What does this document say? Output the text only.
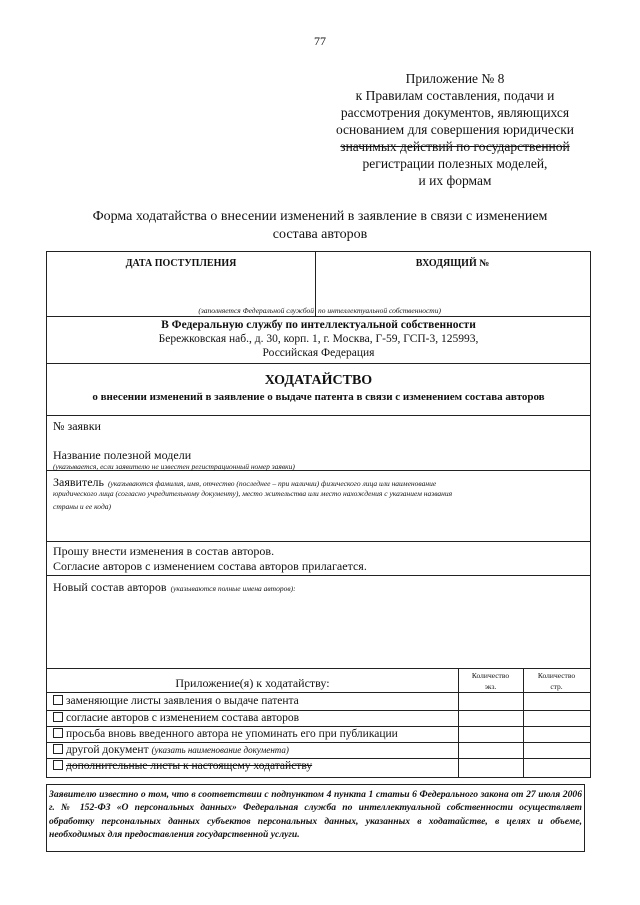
77
Приложение № 8
к Правилам составления, подачи и
рассмотрения документов, являющихся
основанием для совершения юридически
значимых действий по государственной
регистрации полезных моделей,
и их формам
Форма ходатайства о внесении изменений в заявление в связи с изменением
состава авторов
ДАТА ПОСТУПЛЕНИЯ	ВХОДЯЩИЙ №
(заполняется Федеральной службой по интеллектуальной собственности)
В Федеральную службу по интеллектуальной собственности
Бережковская наб., д. 30, корп. 1, г. Москва, Г-59, ГСП-3, 125993,
Российская Федерация
ХОДАТАЙСТВО
о внесении изменений в заявление о выдаче патента в связи с изменением состава авторов
№ заявки
Название полезной модели
(указывается, если заявителю не известен регистрационный номер заявки)
Заявитель (указываются фамилия, имя, отчество (последнее – при наличии) физического лица или наименование
юридического лица (согласно учредительному документу), место жительства или место нахождения с указанием названия
страны и ее кода)
Прошу внести изменения в состав авторов.
Согласие авторов с изменением состава авторов прилагается.
Новый состав авторов (указываются полные имена авторов):
Приложение(я) к ходатайству:
Количество
экз.
Количество
стр.
заменяющие листы заявления о выдаче патента
согласие авторов с изменением состава авторов
просьба вновь введенного автора не упоминать его при публикации
другой документ (указать наименование документа)
дополнительные листы к настоящему ходатайству
Заявителю известно о том, что в соответствии с подпунктом 4 пункта 1 статьи 6 Федерального закона от 27 июля 2006 г. № 152-ФЗ «О персональных данных» Федеральная служба по интеллектуальной собственности осуществляет обработку персональных данных субъектов персональных данных, указанных в ходатайстве, в целях и объеме, необходимых для предоставления государственной услуги.
